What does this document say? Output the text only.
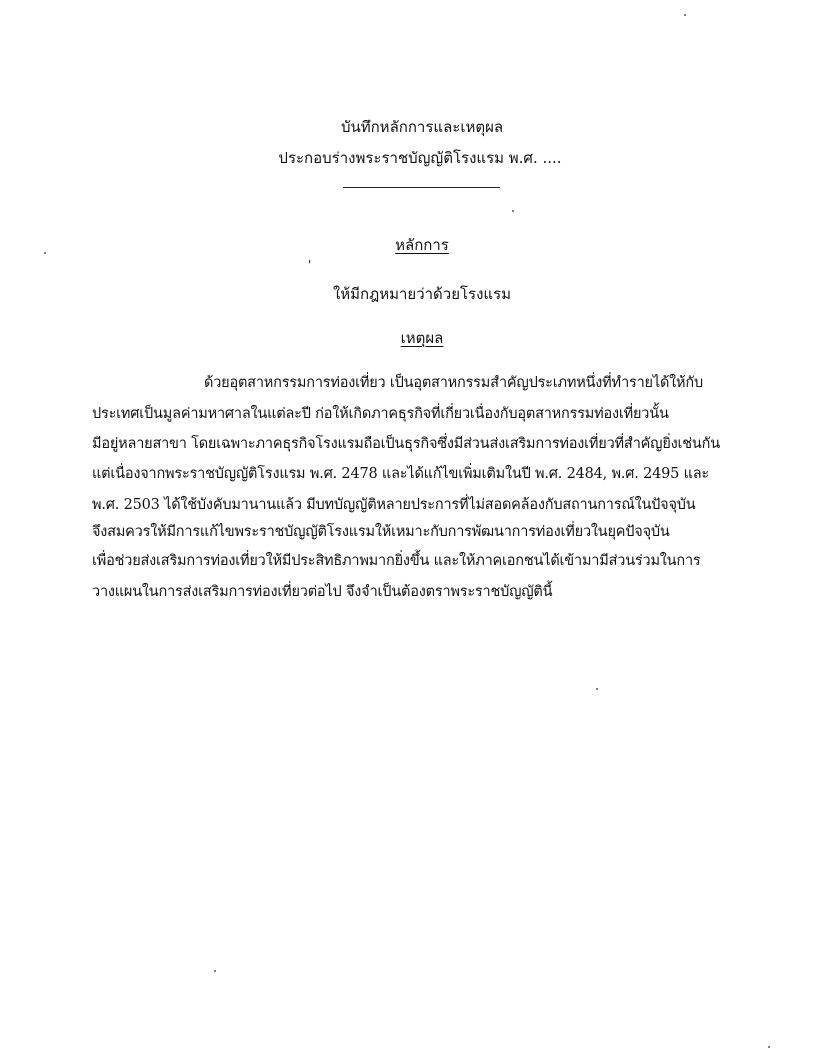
บันทึกหลักการและเหตุผล
ประกอบร่างพระราชบัญญัติโรงแรม พ.ศ. ....
หลักการ
'
ให้มีกฎหมายว่าด้วยโรงแรม
เหตุผล
ด้วยอุตสาหกรรมการท่องเที่ยว เป็นอุตสาหกรรมสำคัญประเภทหนึ่งที่ทำรายได้ให้กับ
ประเทศเป็นมูลค่ามหาศาลในแต่ละปี ก่อให้เกิดภาคธุรกิจที่เกี่ยวเนื่องกับอุตสาหกรรมท่องเที่ยวนั้น
มีอยู่หลายสาขา โดยเฉพาะภาคธุรกิจโรงแรมถือเป็นธุรกิจซึ่งมีส่วนส่งเสริมการท่องเที่ยวที่สำคัญยิ่งเช่นกัน
แต่เนื่องจากพระราชบัญญัติโรงแรม พ.ศ. 2478 และได้แก้ไขเพิ่มเติมในปี พ.ศ. 2484, พ.ศ. 2495 และ
พ.ศ. 2503 ได้ใช้บังคับมานานแล้ว มีบทบัญญัติหลายประการที่ไม่สอดคล้องกับสถานการณ์ในปัจจุบัน
จึงสมควรให้มีการแก้ไขพระราชบัญญัติโรงแรมให้เหมาะกับการพัฒนาการท่องเที่ยวในยุคปัจจุบัน
เพื่อช่วยส่งเสริมการท่องเที่ยวให้มีประสิทธิภาพมากยิ่งขึ้น และให้ภาคเอกชนได้เข้ามามีส่วนร่วมในการ
วางแผนในการส่งเสริมการท่องเที่ยวต่อไป จึงจำเป็นต้องตราพระราชบัญญัตินี้
